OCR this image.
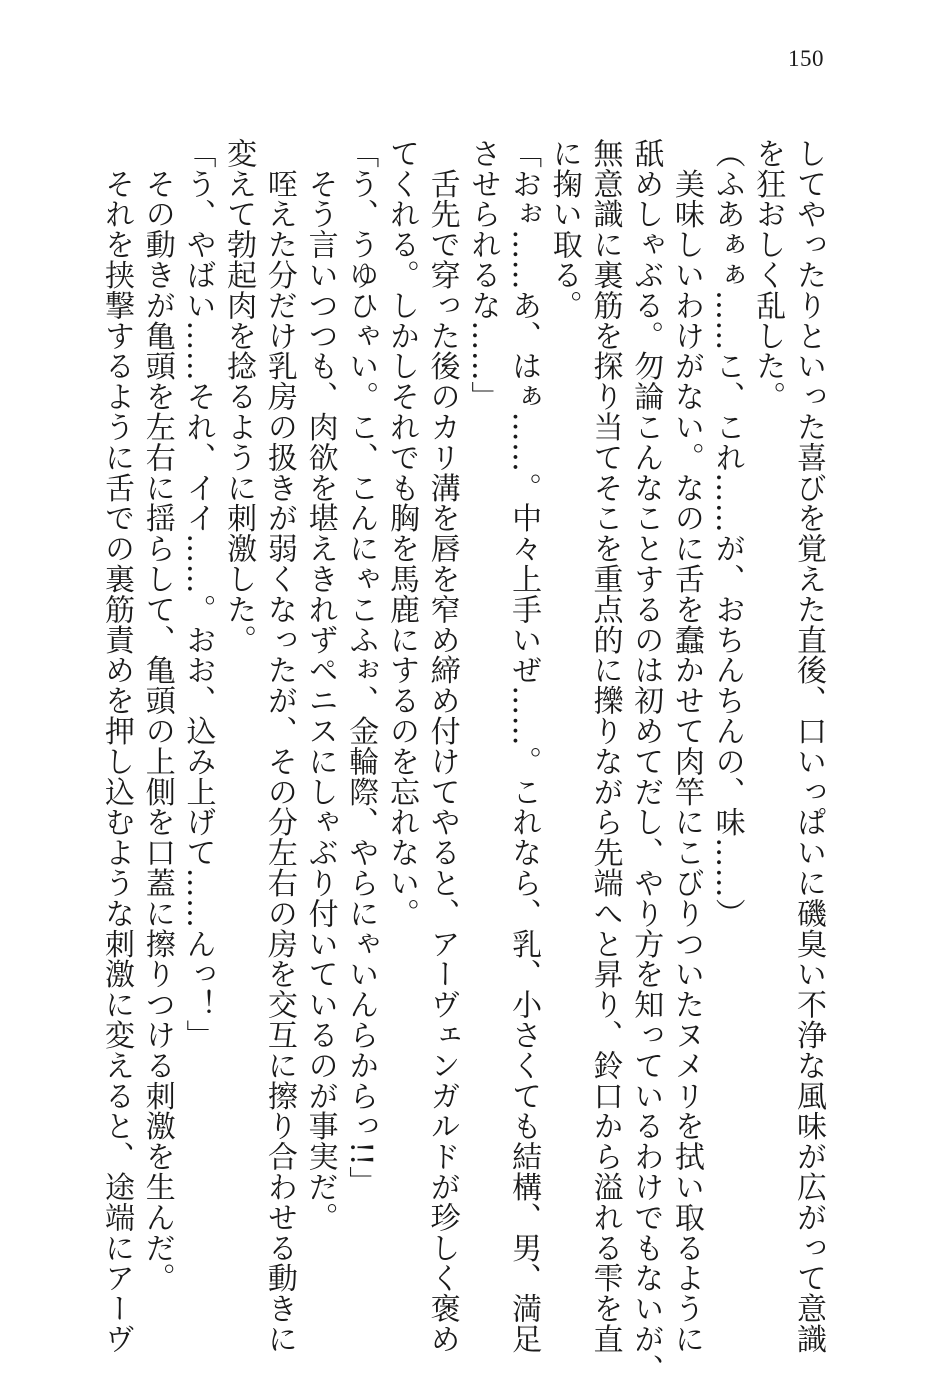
150
してやったりといった喜びを覚えた直後、口いっぱいに磯臭い不浄な風味が広がって意識
を狂おしく乱した。
（ふあぁぁ……こ、これ……が、おちんちんの、味……）
　美味しいわけがない。なのに舌を蠢かせて肉竿にこびりついたヌメリを拭い取るように
舐めしゃぶる。勿論こんなことするのは初めてだし、やり方を知っているわけでもないが、
無意識に裏筋を探り当てそこを重点的に擽りながら先端へと昇り、鈴口から溢れる雫を直
に掬い取る。
「おぉ……あ、はぁ……。中々上手いぜ……。これなら、乳、小さくても結構、男、満足
させられるな……」
　舌先で穿った後のカリ溝を唇を窄め締め付けてやると、アーヴェンガルドが珍しく褒め
てくれる。しかしそれでも胸を馬鹿にするのを忘れない。
「う、うゆひゃい。こ、こんにゃこふぉ、金輪際、やらにゃいんらからっ!!」
　そう言いつつも、肉欲を堪えきれずペニスにしゃぶり付いているのが事実だ。
　咥えた分だけ乳房の扱きが弱くなったが、その分左右の房を交互に擦り合わせる動きに
変えて勃起肉を捻るように刺激した。
「う、やばい……それ、イイ……。おお、込み上げて……んっ！」
　その動きが亀頭を左右に揺らして、亀頭の上側を口蓋に擦りつける刺激を生んだ。
　それを挟撃するように舌での裏筋責めを押し込むような刺激に変えると、途端にアーヴ
